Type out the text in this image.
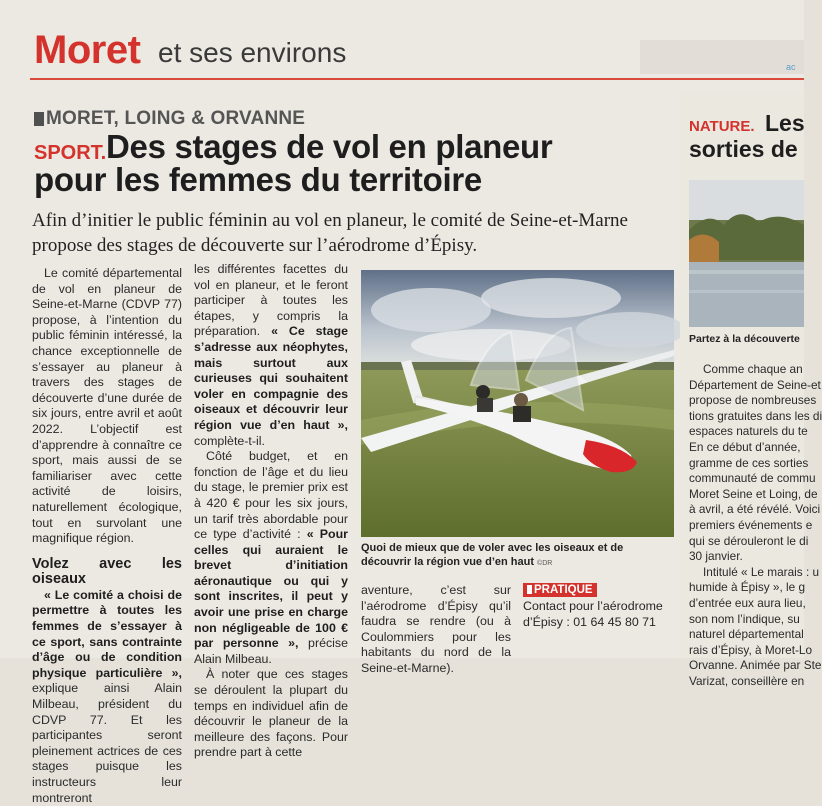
Moret et ses environs	ac
MORET, LOING & ORVANNE
Des stages de vol en planeur
pour les femmes du territoire
SPORT.
Afin d’initier le public féminin au vol en planeur, le comité de Seine-et-Marne propose des stages de découverte sur l’aérodrome d’Épisy.

Le comité départemental de vol en planeur de Seine-et-Marne (CDVP 77) propose, à l’intention du public féminin intéressé, la chance exceptionnelle de s’essayer au planeur à travers des stages de découverte d’une durée de six jours, entre avril et août 2022. L’objectif est d’apprendre à connaître ce sport, mais aussi de se familiariser avec cette activité de loisirs, naturellement écologique, tout en survolant une magnifique région.

Volez avec les oiseaux

« Le comité a choisi de permettre à toutes les femmes de s’essayer à ce sport, sans contrainte d’âge ou de condition physique particulière », explique ainsi Alain Milbeau, président du CDVP 77. Et les participantes seront pleinement actrices de ces stages puisque les instructeurs leur montreront

les différentes facettes du vol en planeur, et le feront participer à toutes les étapes, y compris la préparation. « Ce stage s’adresse aux néophytes, mais surtout aux curieuses qui souhaitent voler en compagnie des oiseaux et découvrir leur région vue d’en haut », complète-t-il.

Côté budget, et en fonction de l’âge et du lieu du stage, le premier prix est à 420 € pour les six jours, un tarif très abordable pour ce type d’activité : « Pour celles qui auraient le brevet d’initiation aéronautique ou qui y sont inscrites, il peut y avoir une prise en charge non négligeable de 100 € par personne », précise Alain Milbeau.

À noter que ces stages se déroulent la plupart du temps en individuel afin de découvrir le planeur de la meilleure des façons. Pour prendre part à cette

Quoi de mieux que de voler avec les oiseaux et de découvrir la région vue d’en haut ©DR

aventure, c’est sur l’aérodrome d’Épisy qu’il faudra se rendre (ou à Coulommiers pour les habitants du nord de la Seine-et-Marne).

PRATIQUE
Contact pour l’aérodrome d’Épisy : 01 64 45 80 71
Les
sorties de
NATURE.
Partez à la découverte

Comme chaque an

Département de Seine-et

propose de nombreuses

tions gratuites dans les di

espaces naturels du te

En ce début d’année,

gramme de ces sorties

communauté de commu

Moret Seine et Loing, de

à avril, a été révélé. Voici

premiers événements e

qui se dérouleront le di

30 janvier.

Intitulé « Le marais : u

humide à Épisy », le g

d’entrée eux aura lieu,

son nom l’indique, su

naturel départemental

rais d’Épisy, à Moret-Lo

Orvanne. Animée par Ste

Varizat, conseillère en
